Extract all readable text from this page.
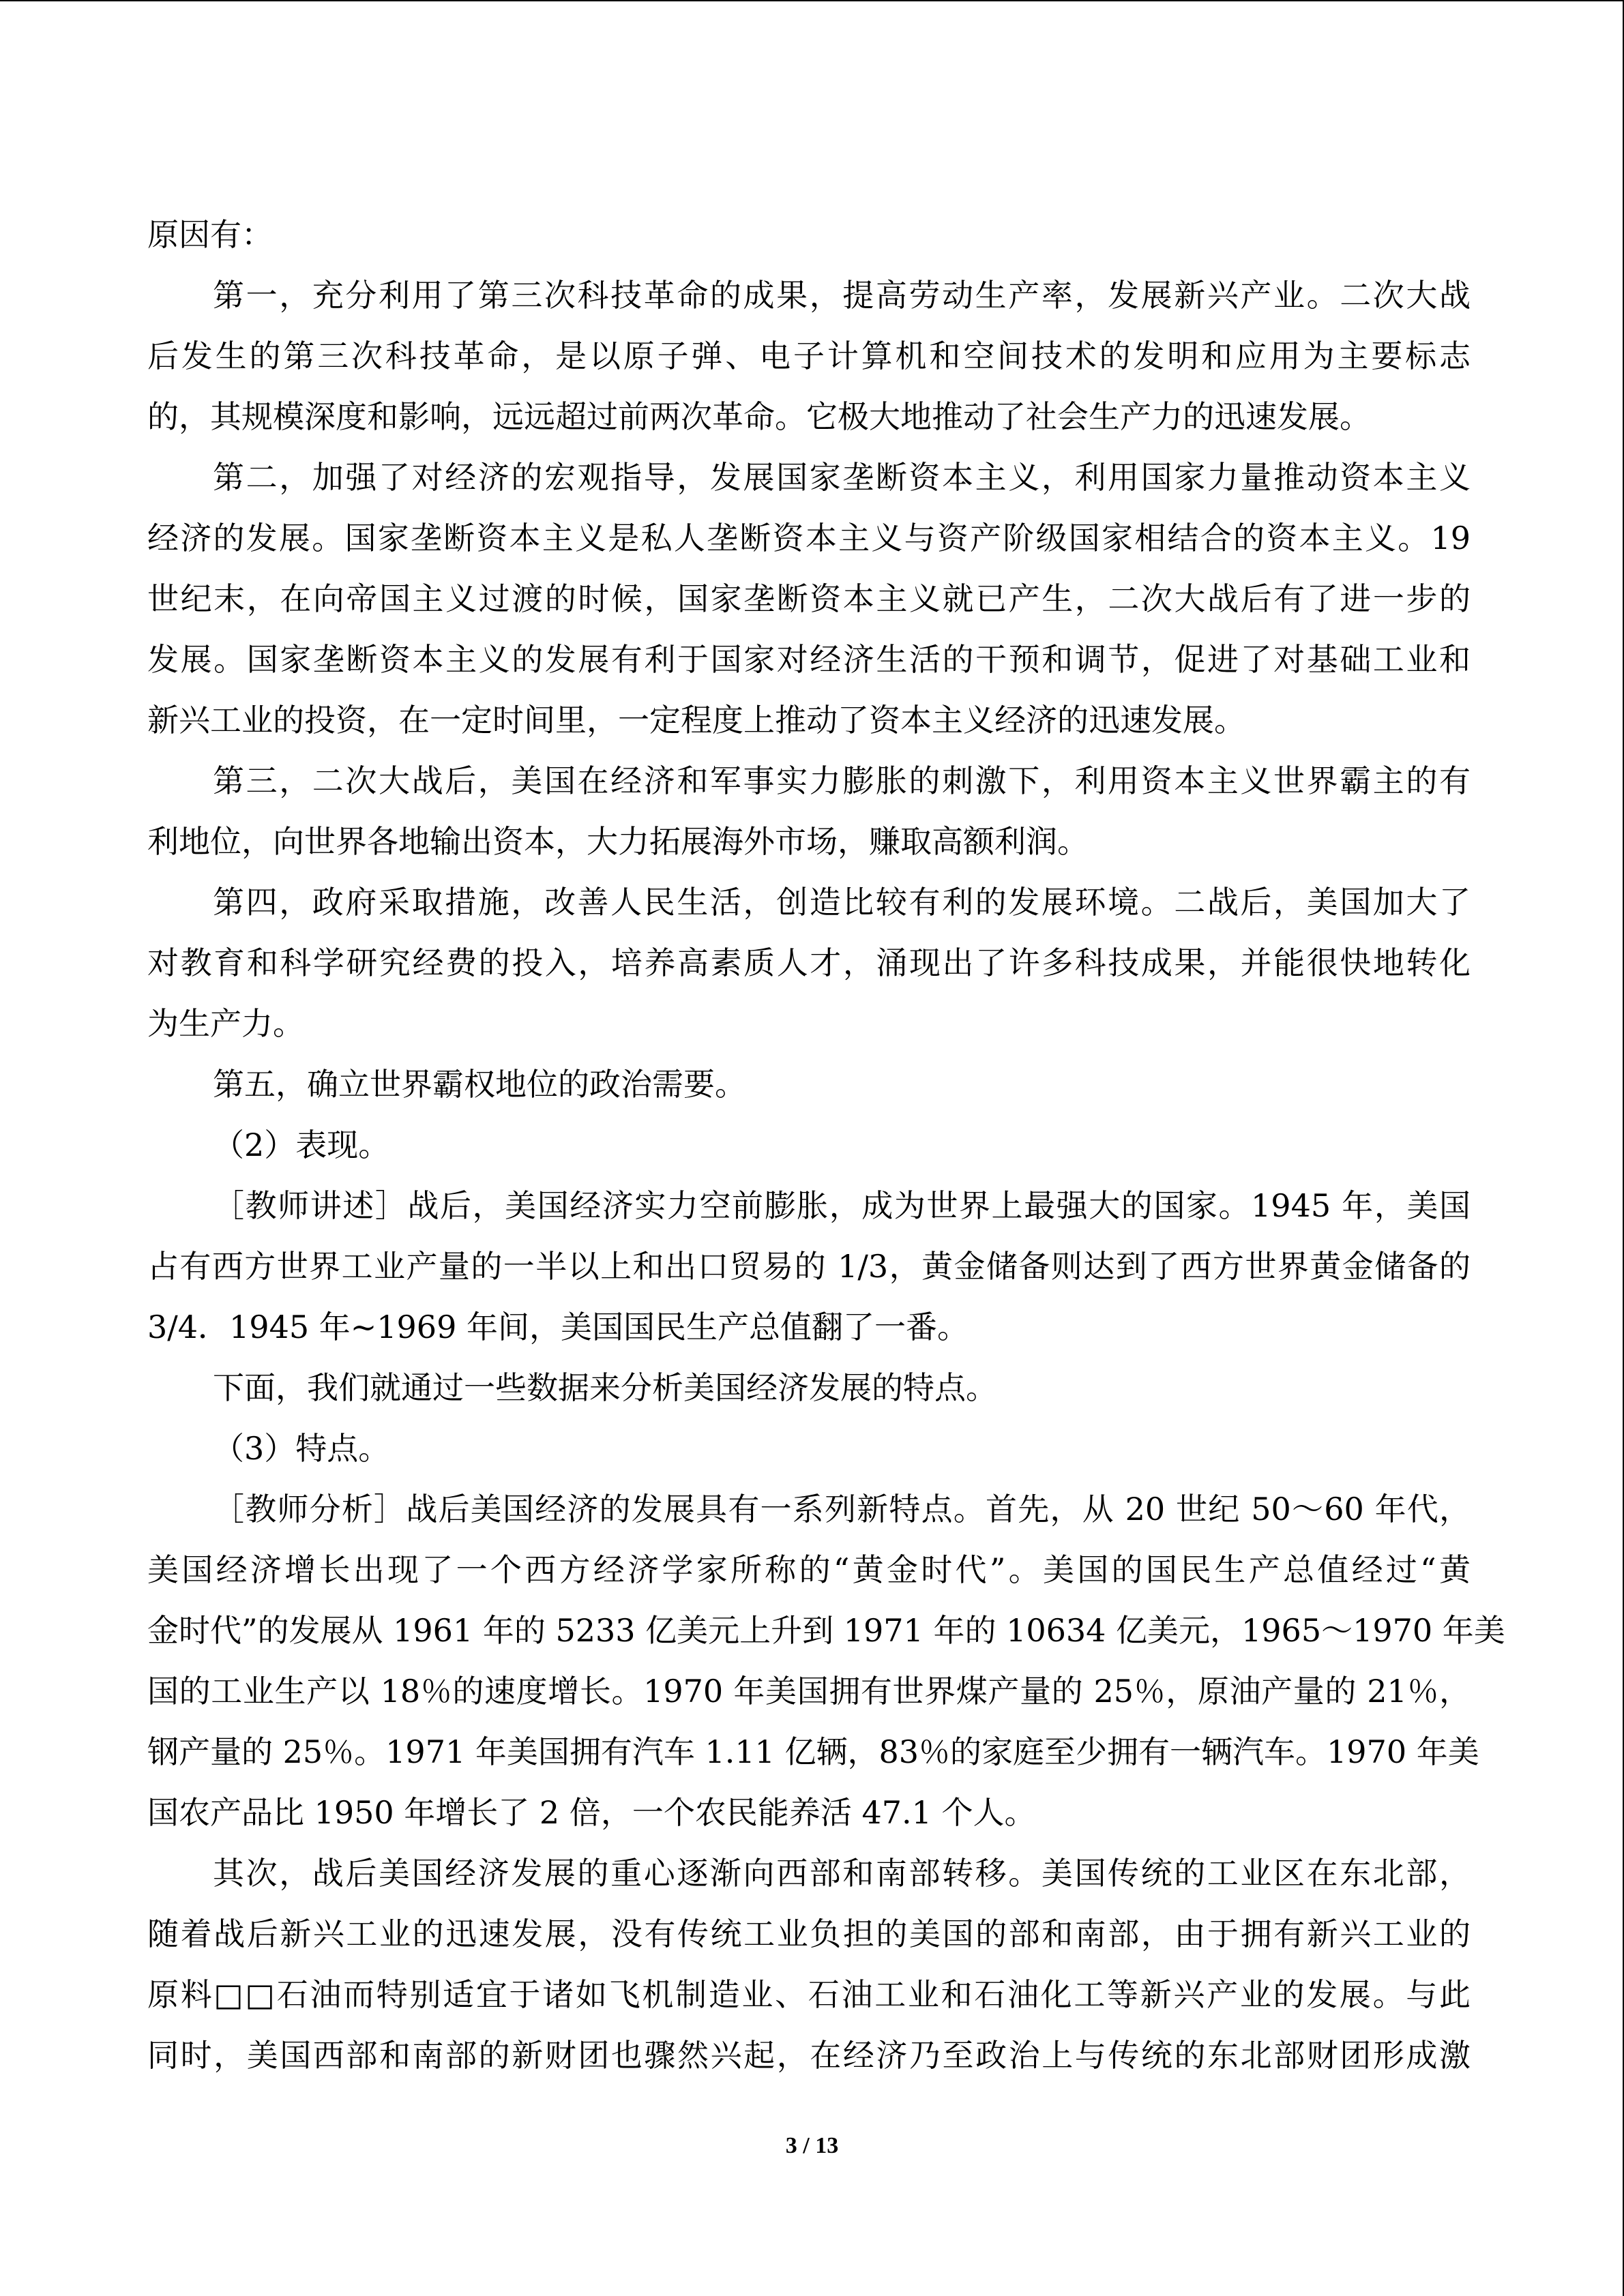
原因有：
第一，充分利用了第三次科技革命的成果，提高劳动生产率，发展新兴产业。二次大战
后发生的第三次科技革命，是以原子弹、电子计算机和空间技术的发明和应用为主要标志
的，其规模深度和影响，远远超过前两次革命。它极大地推动了社会生产力的迅速发展。
第二，加强了对经济的宏观指导，发展国家垄断资本主义，利用国家力量推动资本主义
经济的发展。国家垄断资本主义是私人垄断资本主义与资产阶级国家相结合的资本主义。19
世纪末，在向帝国主义过渡的时候，国家垄断资本主义就已产生，二次大战后有了进一步的
发展。国家垄断资本主义的发展有利于国家对经济生活的干预和调节，促进了对基础工业和
新兴工业的投资，在一定时间里，一定程度上推动了资本主义经济的迅速发展。
第三，二次大战后，美国在经济和军事实力膨胀的刺激下，利用资本主义世界霸主的有
利地位，向世界各地输出资本，大力拓展海外市场，赚取高额利润。
第四，政府采取措施，改善人民生活，创造比较有利的发展环境。二战后，美国加大了
对教育和科学研究经费的投入，培养高素质人才，涌现出了许多科技成果，并能很快地转化
为生产力。
第五，确立世界霸权地位的政治需要。
（2）表现。
［教师讲述］战后，美国经济实力空前膨胀，成为世界上最强大的国家。1945 年，美国
占有西方世界工业产量的一半以上和出口贸易的 1/3，黄金储备则达到了西方世界黄金储备的
3/4．1945 年~1969 年间，美国国民生产总值翻了一番。
下面，我们就通过一些数据来分析美国经济发展的特点。
（3）特点。
［教师分析］战后美国经济的发展具有一系列新特点。首先，从 20 世纪 50～60 年代，
美国经济增长出现了一个西方经济学家所称的“黄金时代”。美国的国民生产总值经过“黄
金时代”的发展从 1961 年的 5233 亿美元上升到 1971 年的 10634 亿美元，1965～1970 年美
国的工业生产以 18％的速度增长。1970 年美国拥有世界煤产量的 25％，原油产量的 21％，
钢产量的 25％。1971 年美国拥有汽车 1.11 亿辆，83％的家庭至少拥有一辆汽车。1970 年美
国农产品比 1950 年增长了 2 倍，一个农民能养活 47.1 个人。
其次，战后美国经济发展的重心逐渐向西部和南部转移。美国传统的工业区在东北部，
随着战后新兴工业的迅速发展，没有传统工业负担的美国的部和南部，由于拥有新兴工业的
原料□□石油而特别适宜于诸如飞机制造业、石油工业和石油化工等新兴产业的发展。与此
同时，美国西部和南部的新财团也骤然兴起，在经济乃至政治上与传统的东北部财团形成激
3 / 13
